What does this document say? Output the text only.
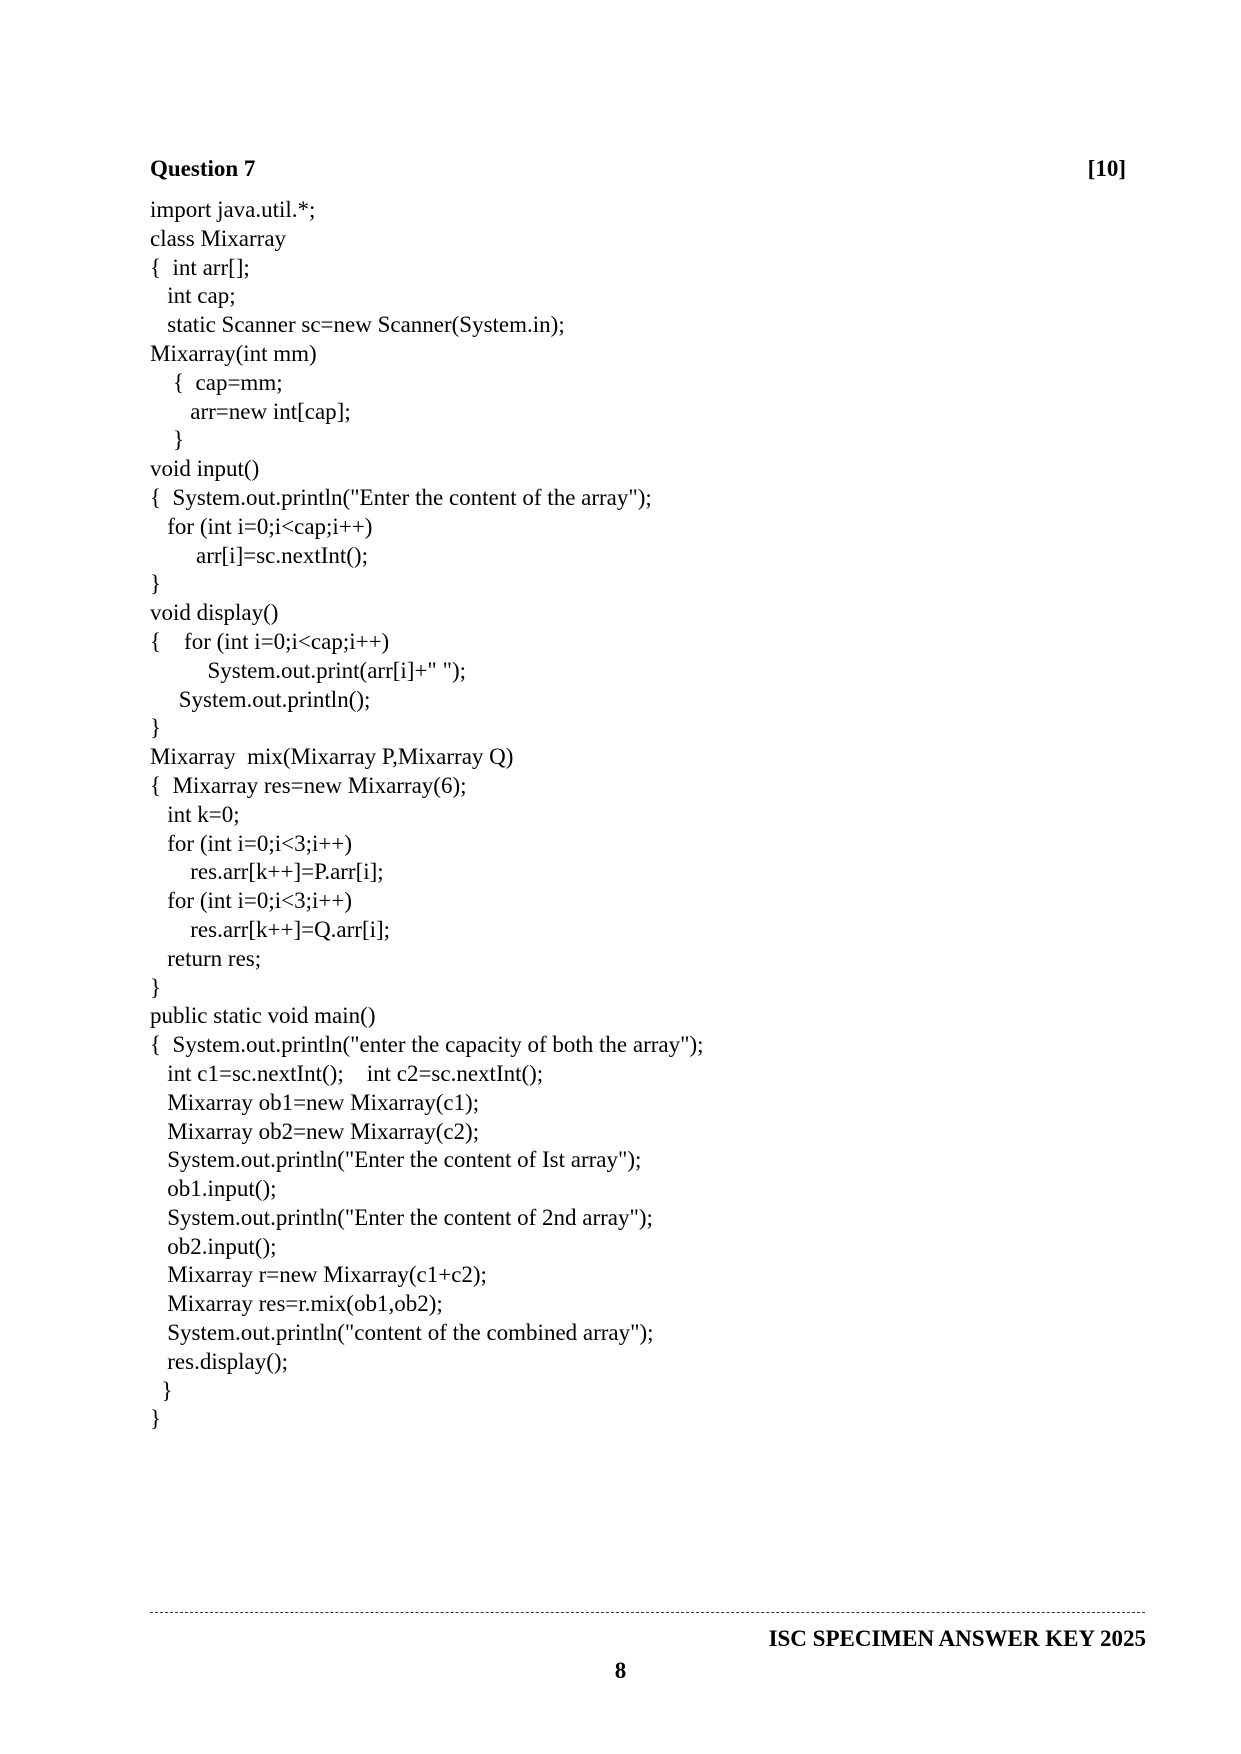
Question 7	[10]
import java.util.*;
class Mixarray
{  int arr[];
int cap;
static Scanner sc=new Scanner(System.in);
Mixarray(int mm)
{  cap=mm;
arr=new int[cap];
}
void input()
{  System.out.println("Enter the content of the array");
for (int i=0;i<cap;i++)
arr[i]=sc.nextInt();
}
void display()
{    for (int i=0;i<cap;i++)
System.out.print(arr[i]+" ");
System.out.println();
}
Mixarray  mix(Mixarray P,Mixarray Q)
{  Mixarray res=new Mixarray(6);
int k=0;
for (int i=0;i<3;i++)
res.arr[k++]=P.arr[i];
for (int i=0;i<3;i++)
res.arr[k++]=Q.arr[i];
return res;
}
public static void main()
{  System.out.println("enter the capacity of both the array");
int c1=sc.nextInt();    int c2=sc.nextInt();
Mixarray ob1=new Mixarray(c1);
Mixarray ob2=new Mixarray(c2);
System.out.println("Enter the content of Ist array");
ob1.input();
System.out.println("Enter the content of 2nd array");
ob2.input();
Mixarray r=new Mixarray(c1+c2);
Mixarray res=r.mix(ob1,ob2);
System.out.println("content of the combined array");
res.display();
}
}
ISC SPECIMEN ANSWER KEY 2025
8
